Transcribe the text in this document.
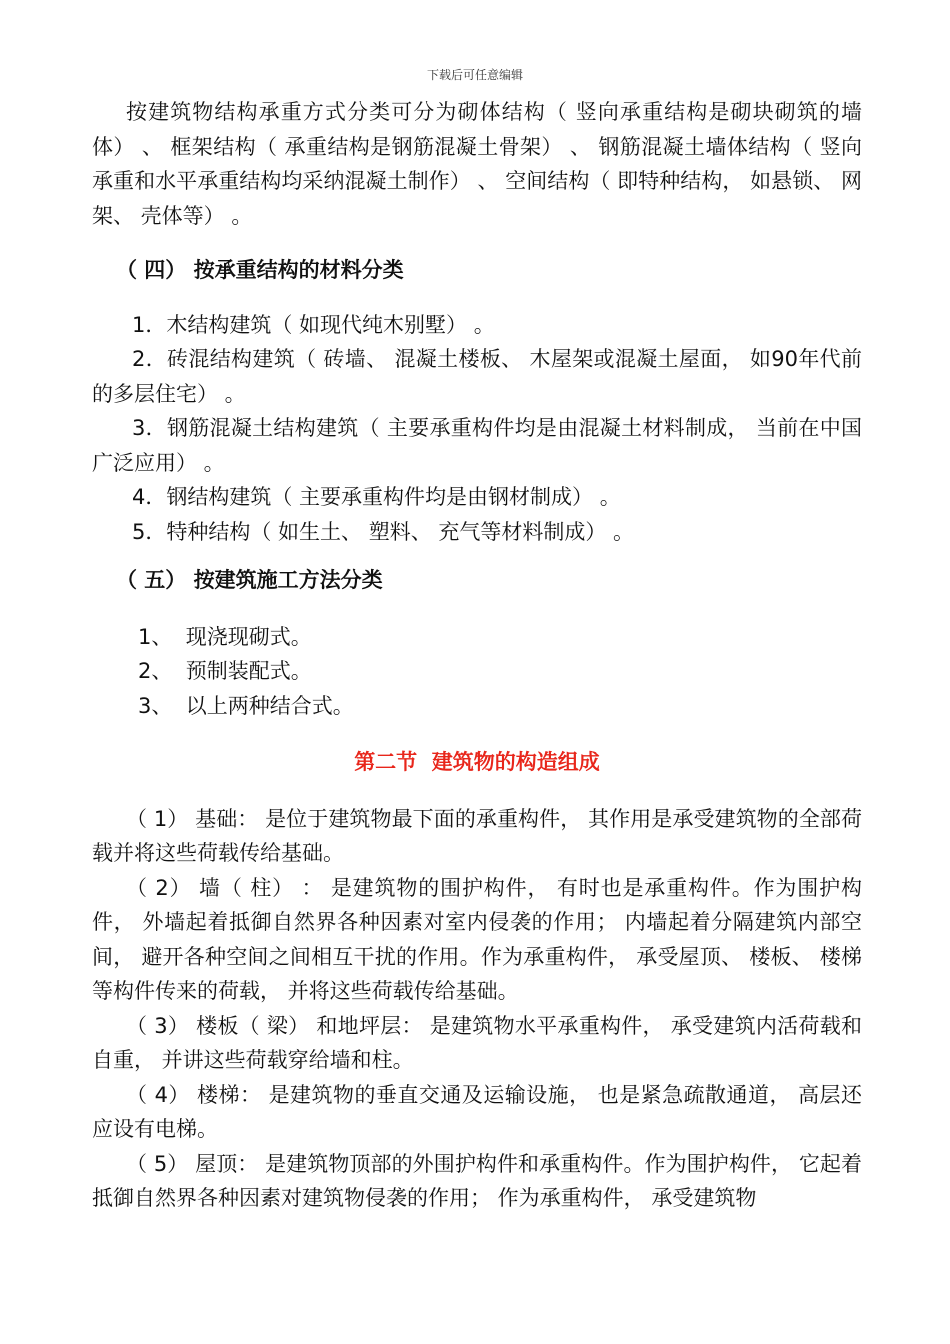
下载后可任意编辑

按建筑物结构承重方式分类可分为砌体结构（ 竖向承重结构是砌块砌筑的墙体） 、 框架结构（ 承重结构是钢筋混凝土骨架） 、 钢筋混凝土墙体结构（ 竖向承重和水平承重结构均采纳混凝土制作） 、 空间结构（ 即特种结构， 如悬锁、 网架、 壳体等） 。

（ 四） 按承重结构的材料分类

1．木结构建筑（ 如现代纯木别墅） 。

2．砖混结构建筑（ 砖墙、 混凝土楼板、 木屋架或混凝土屋面， 如90年代前的多层住宅） 。

3．钢筋混凝土结构建筑（ 主要承重构件均是由混凝土材料制成， 当前在中国广泛应用） 。

4．钢结构建筑（ 主要承重构件均是由钢材制成） 。

5．特种结构（ 如生土、 塑料、 充气等材料制成） 。

（ 五） 按建筑施工方法分类

1、  现浇现砌式。

2、  预制装配式。

3、  以上两种结合式。

第二节  建筑物的构造组成

（ 1） 基础： 是位于建筑物最下面的承重构件， 其作用是承受建筑物的全部荷载并将这些荷载传给基础。

（ 2） 墙（ 柱） ： 是建筑物的围护构件， 有时也是承重构件。作为围护构件， 外墙起着抵御自然界各种因素对室内侵袭的作用； 内墙起着分隔建筑内部空间， 避开各种空间之间相互干扰的作用。作为承重构件， 承受屋顶、 楼板、 楼梯等构件传来的荷载， 并将这些荷载传给基础。

（ 3） 楼板（ 梁） 和地坪层： 是建筑物水平承重构件， 承受建筑内活荷载和自重， 并讲这些荷载穿给墙和柱。

（ 4） 楼梯： 是建筑物的垂直交通及运输设施， 也是紧急疏散通道， 高层还应设有电梯。

（ 5） 屋顶： 是建筑物顶部的外围护构件和承重构件。作为围护构件， 它起着抵御自然界各种因素对建筑物侵袭的作用； 作为承重构件， 承受建筑物
